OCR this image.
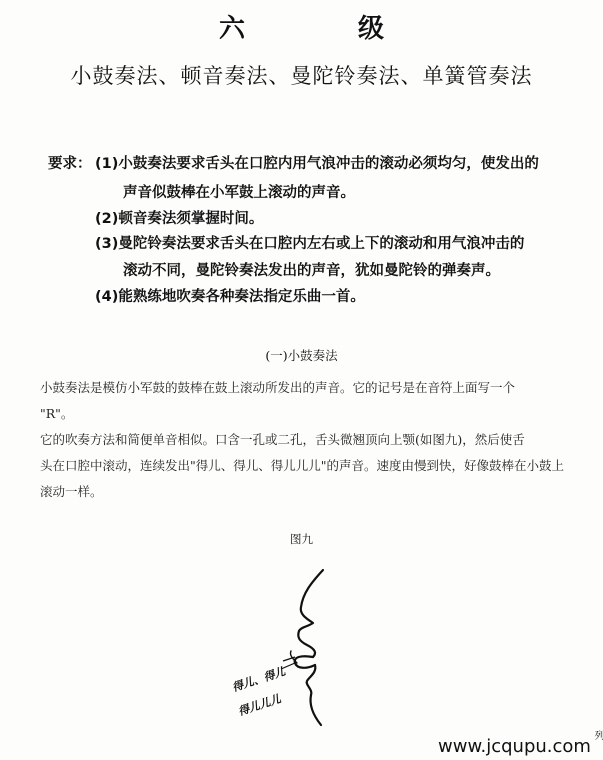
六 级
小鼓奏法、顿音奏法、曼陀铃奏法、单簧管奏法
要求： (1)小鼓奏法要求舌头在口腔内用气浪冲击的滚动必须均匀，使发出的
声音似鼓棒在小军鼓上滚动的声音。
(2)顿音奏法须掌握时间。
(3)曼陀铃奏法要求舌头在口腔内左右或上下的滚动和用气浪冲击的
滚动不同，曼陀铃奏法发出的声音，犹如曼陀铃的弹奏声。
(4)能熟练地吹奏各种奏法指定乐曲一首。
(一)小鼓奏法
小鼓奏法是模仿小军鼓的鼓棒在鼓上滚动所发出的声音。它的记号是在音符上面写一个
"R"。
它的吹奏方法和简便单音相似。口含一孔或二孔，舌头微翘顶向上颚(如图九)，然后使舌
头在口腔中滚动，连续发出"得儿、得儿、得儿儿儿"的声音。速度由慢到快，好像鼓棒在小鼓上
滚动一样。
图九
得儿、得儿
得儿儿儿
www.jcqupu.com
列
